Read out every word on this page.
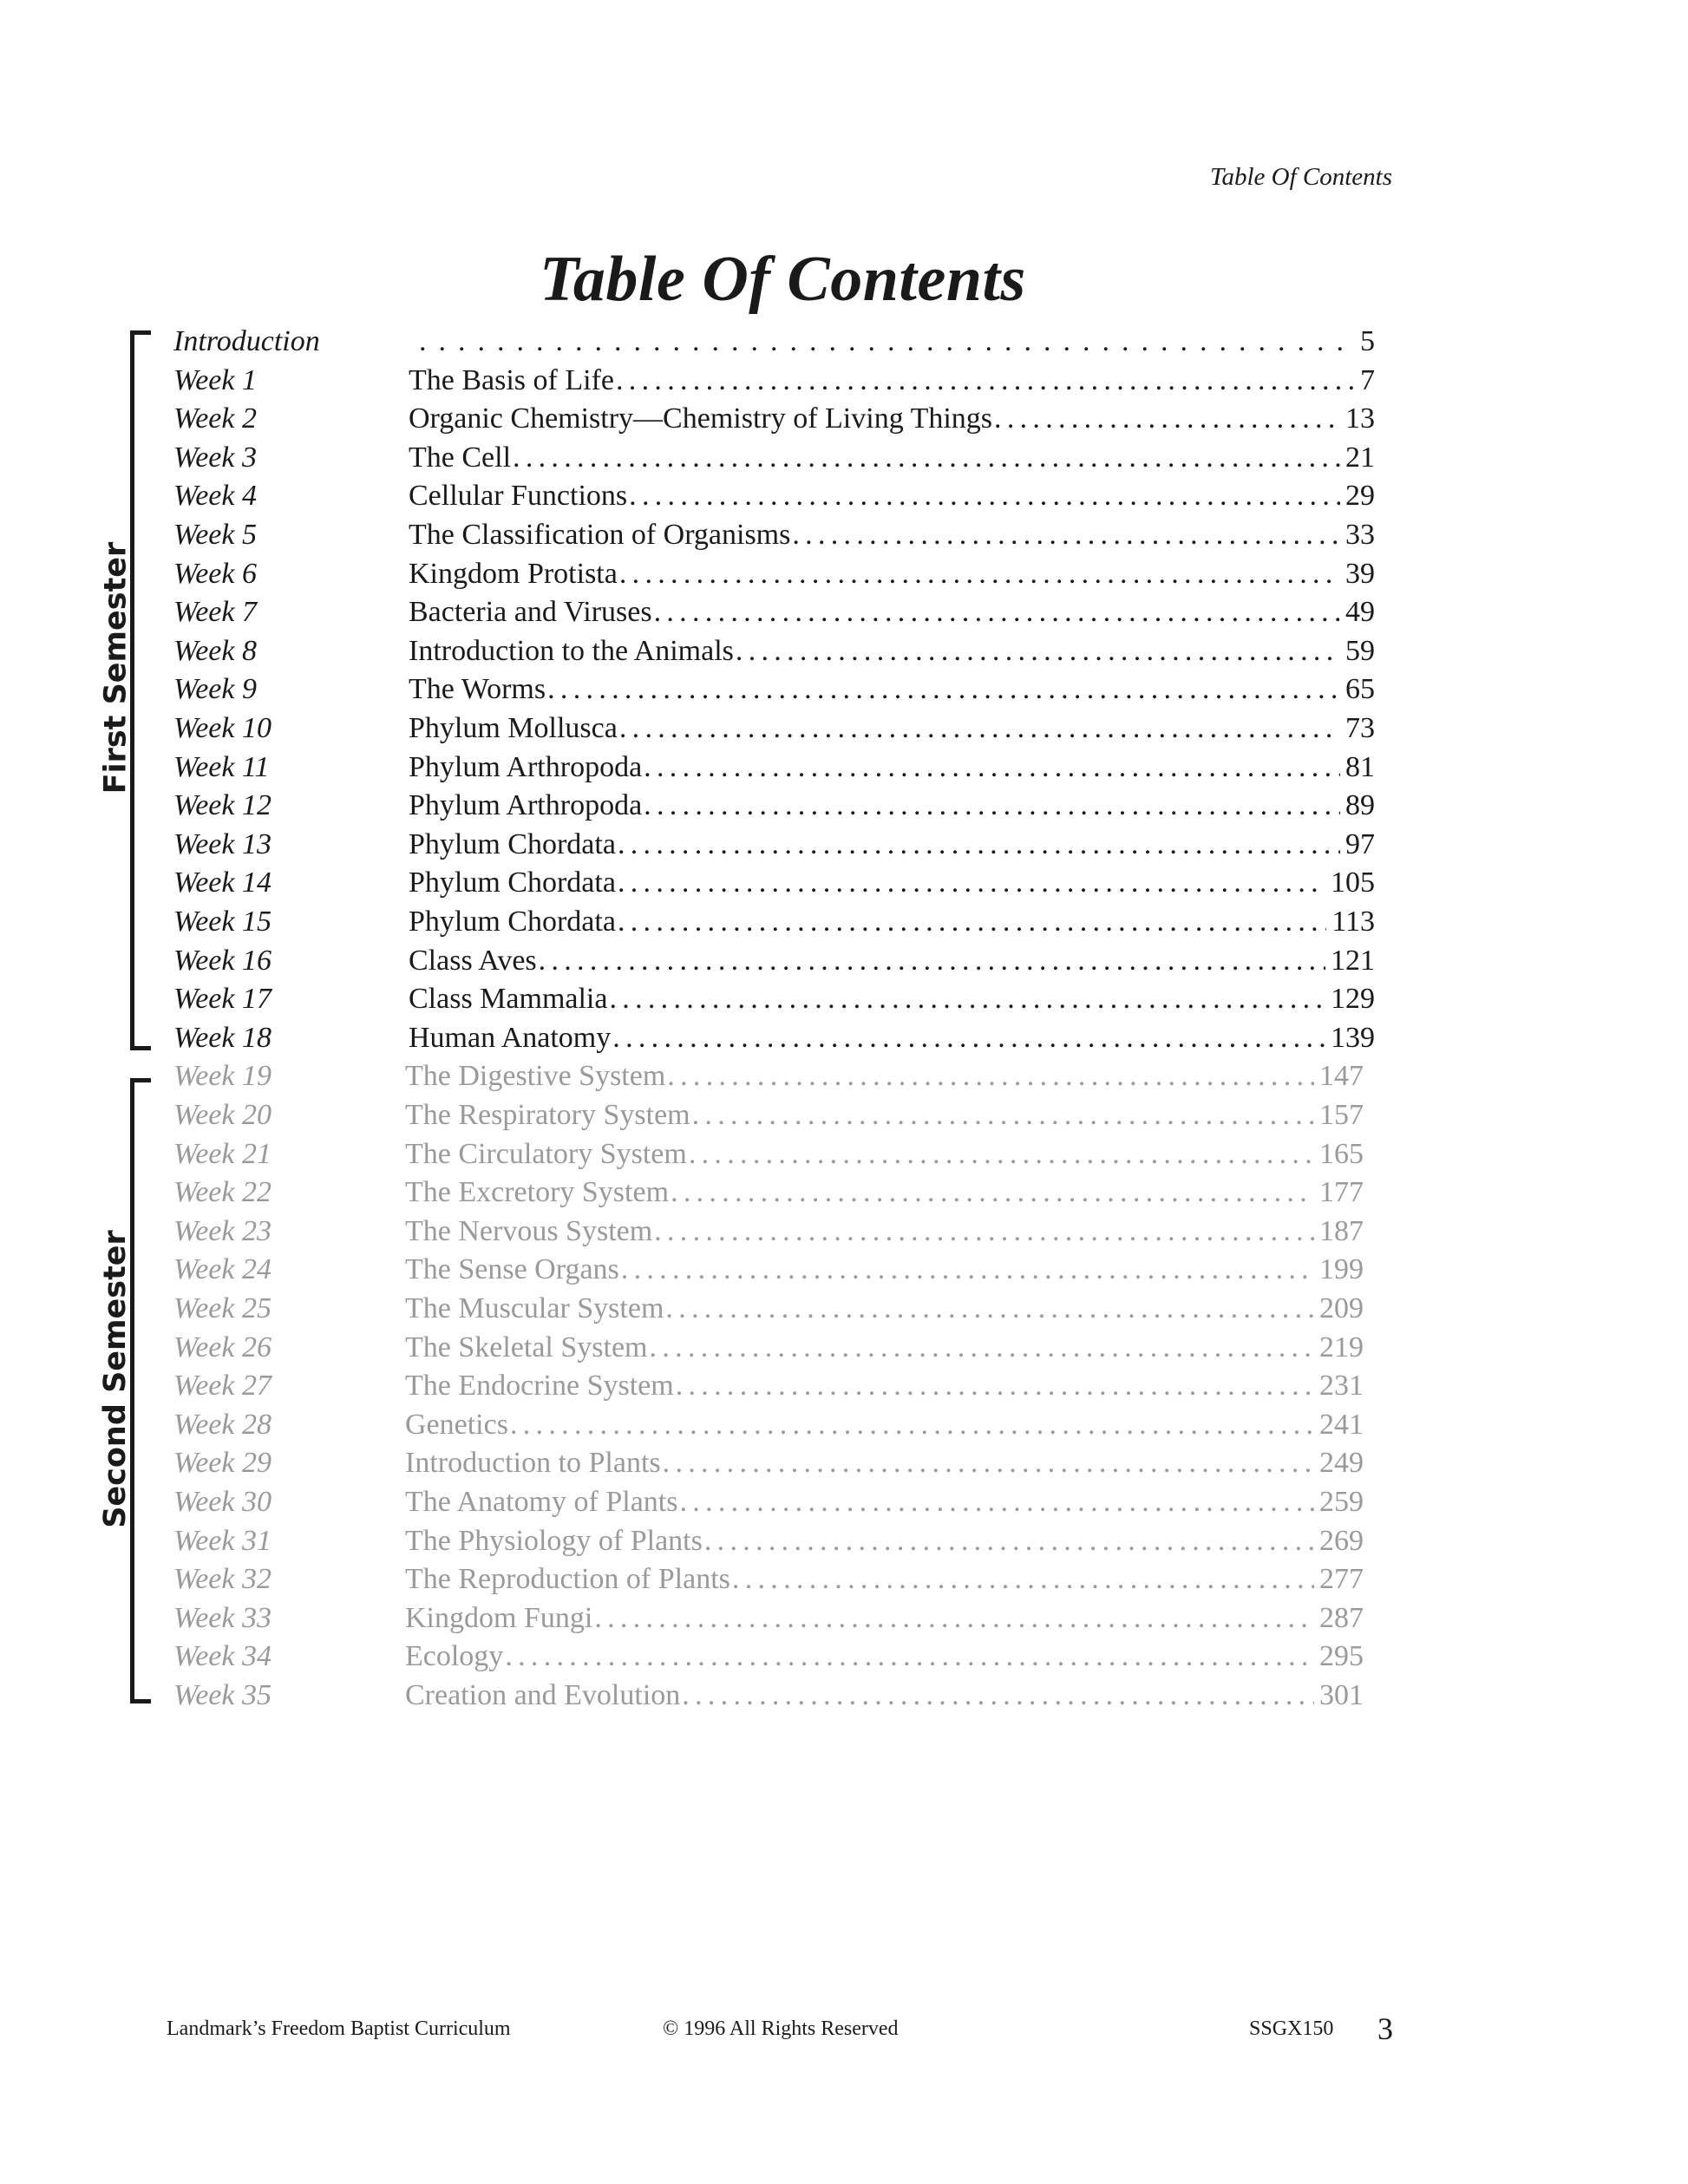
Table Of Contents
Table Of Contents
First Semester
Second Semester
Introduction .....	5
Week 1	The Basis of Life .....	7
Week 2	Organic Chemistry—Chemistry of Living Things .....	13
Week 3	The Cell .....	21
Week 4	Cellular Functions .....	29
Week 5	The Classification of Organisms .....	33
Week 6	Kingdom Protista .....	39
Week 7	Bacteria and Viruses .....	49
Week 8	Introduction to the Animals .....	59
Week 9	The Worms .....	65
Week 10	Phylum Mollusca .....	73
Week 11	Phylum Arthropoda .....	81
Week 12	Phylum Arthropoda .....	89
Week 13	Phylum Chordata .....	97
Week 14	Phylum Chordata .....	105
Week 15	Phylum Chordata .....	113
Week 16	Class Aves .....	121
Week 17	Class Mammalia .....	129
Week 18	Human Anatomy .....	139
Week 19	The Digestive System .....	147
Week 20	The Respiratory System .....	157
Week 21	The Circulatory System .....	165
Week 22	The Excretory System .....	177
Week 23	The Nervous System .....	187
Week 24	The Sense Organs .....	199
Week 25	The Muscular System .....	209
Week 26	The Skeletal System .....	219
Week 27	The Endocrine System .....	231
Week 28	Genetics .....	241
Week 29	Introduction to Plants .....	249
Week 30	The Anatomy of Plants .....	259
Week 31	The Physiology of Plants .....	269
Week 32	The Reproduction of Plants .....	277
Week 33	Kingdom Fungi .....	287
Week 34	Ecology .....	295
Week 35	Creation and Evolution .....	301
Landmark’s Freedom Baptist Curriculum	© 1996 All Rights Reserved	SSGX150 3
